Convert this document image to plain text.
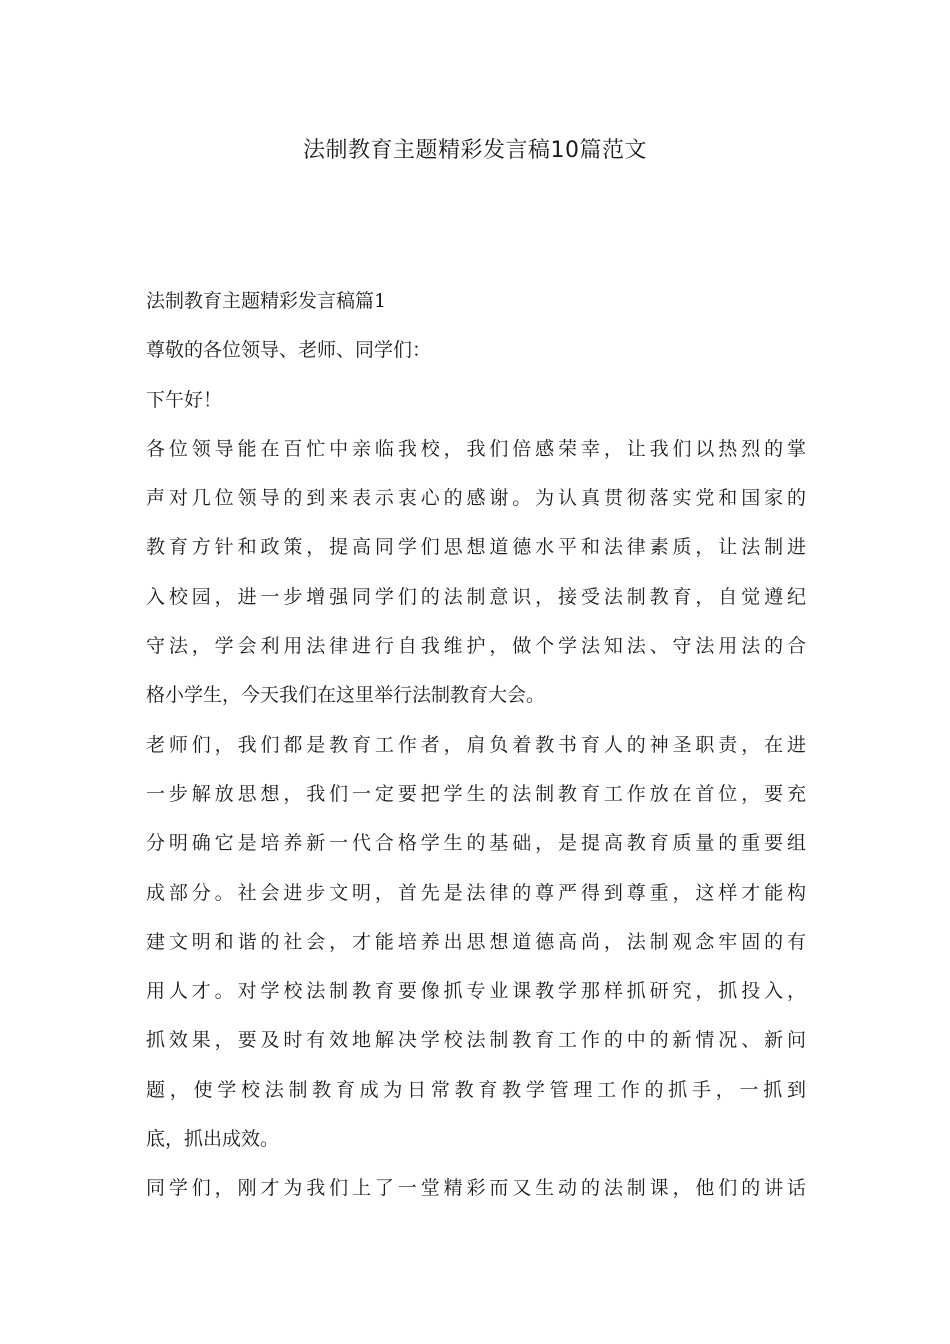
法制教育主题精彩发言稿10篇范文

法制教育主题精彩发言稿篇1

尊敬的各位领导、老师、同学们：

下午好！

各位领导能在百忙中亲临我校，我们倍感荣幸，让我们以热烈的掌

声对几位领导的到来表示衷心的感谢。为认真贯彻落实党和国家的

教育方针和政策，提高同学们思想道德水平和法律素质，让法制进

入校园，进一步增强同学们的法制意识，接受法制教育，自觉遵纪

守法，学会利用法律进行自我维护，做个学法知法、守法用法的合

格小学生，今天我们在这里举行法制教育大会。

老师们，我们都是教育工作者，肩负着教书育人的神圣职责，在进

一步解放思想，我们一定要把学生的法制教育工作放在首位，要充

分明确它是培养新一代合格学生的基础，是提高教育质量的重要组

成部分。社会进步文明，首先是法律的尊严得到尊重，这样才能构

建文明和谐的社会，才能培养出思想道德高尚，法制观念牢固的有

用人才。对学校法制教育要像抓专业课教学那样抓研究，抓投入，

抓效果，要及时有效地解决学校法制教育工作的中的新情况、新问

题，使学校法制教育成为日常教育教学管理工作的抓手，一抓到

底，抓出成效。

同学们，刚才为我们上了一堂精彩而又生动的法制课，他们的讲话
